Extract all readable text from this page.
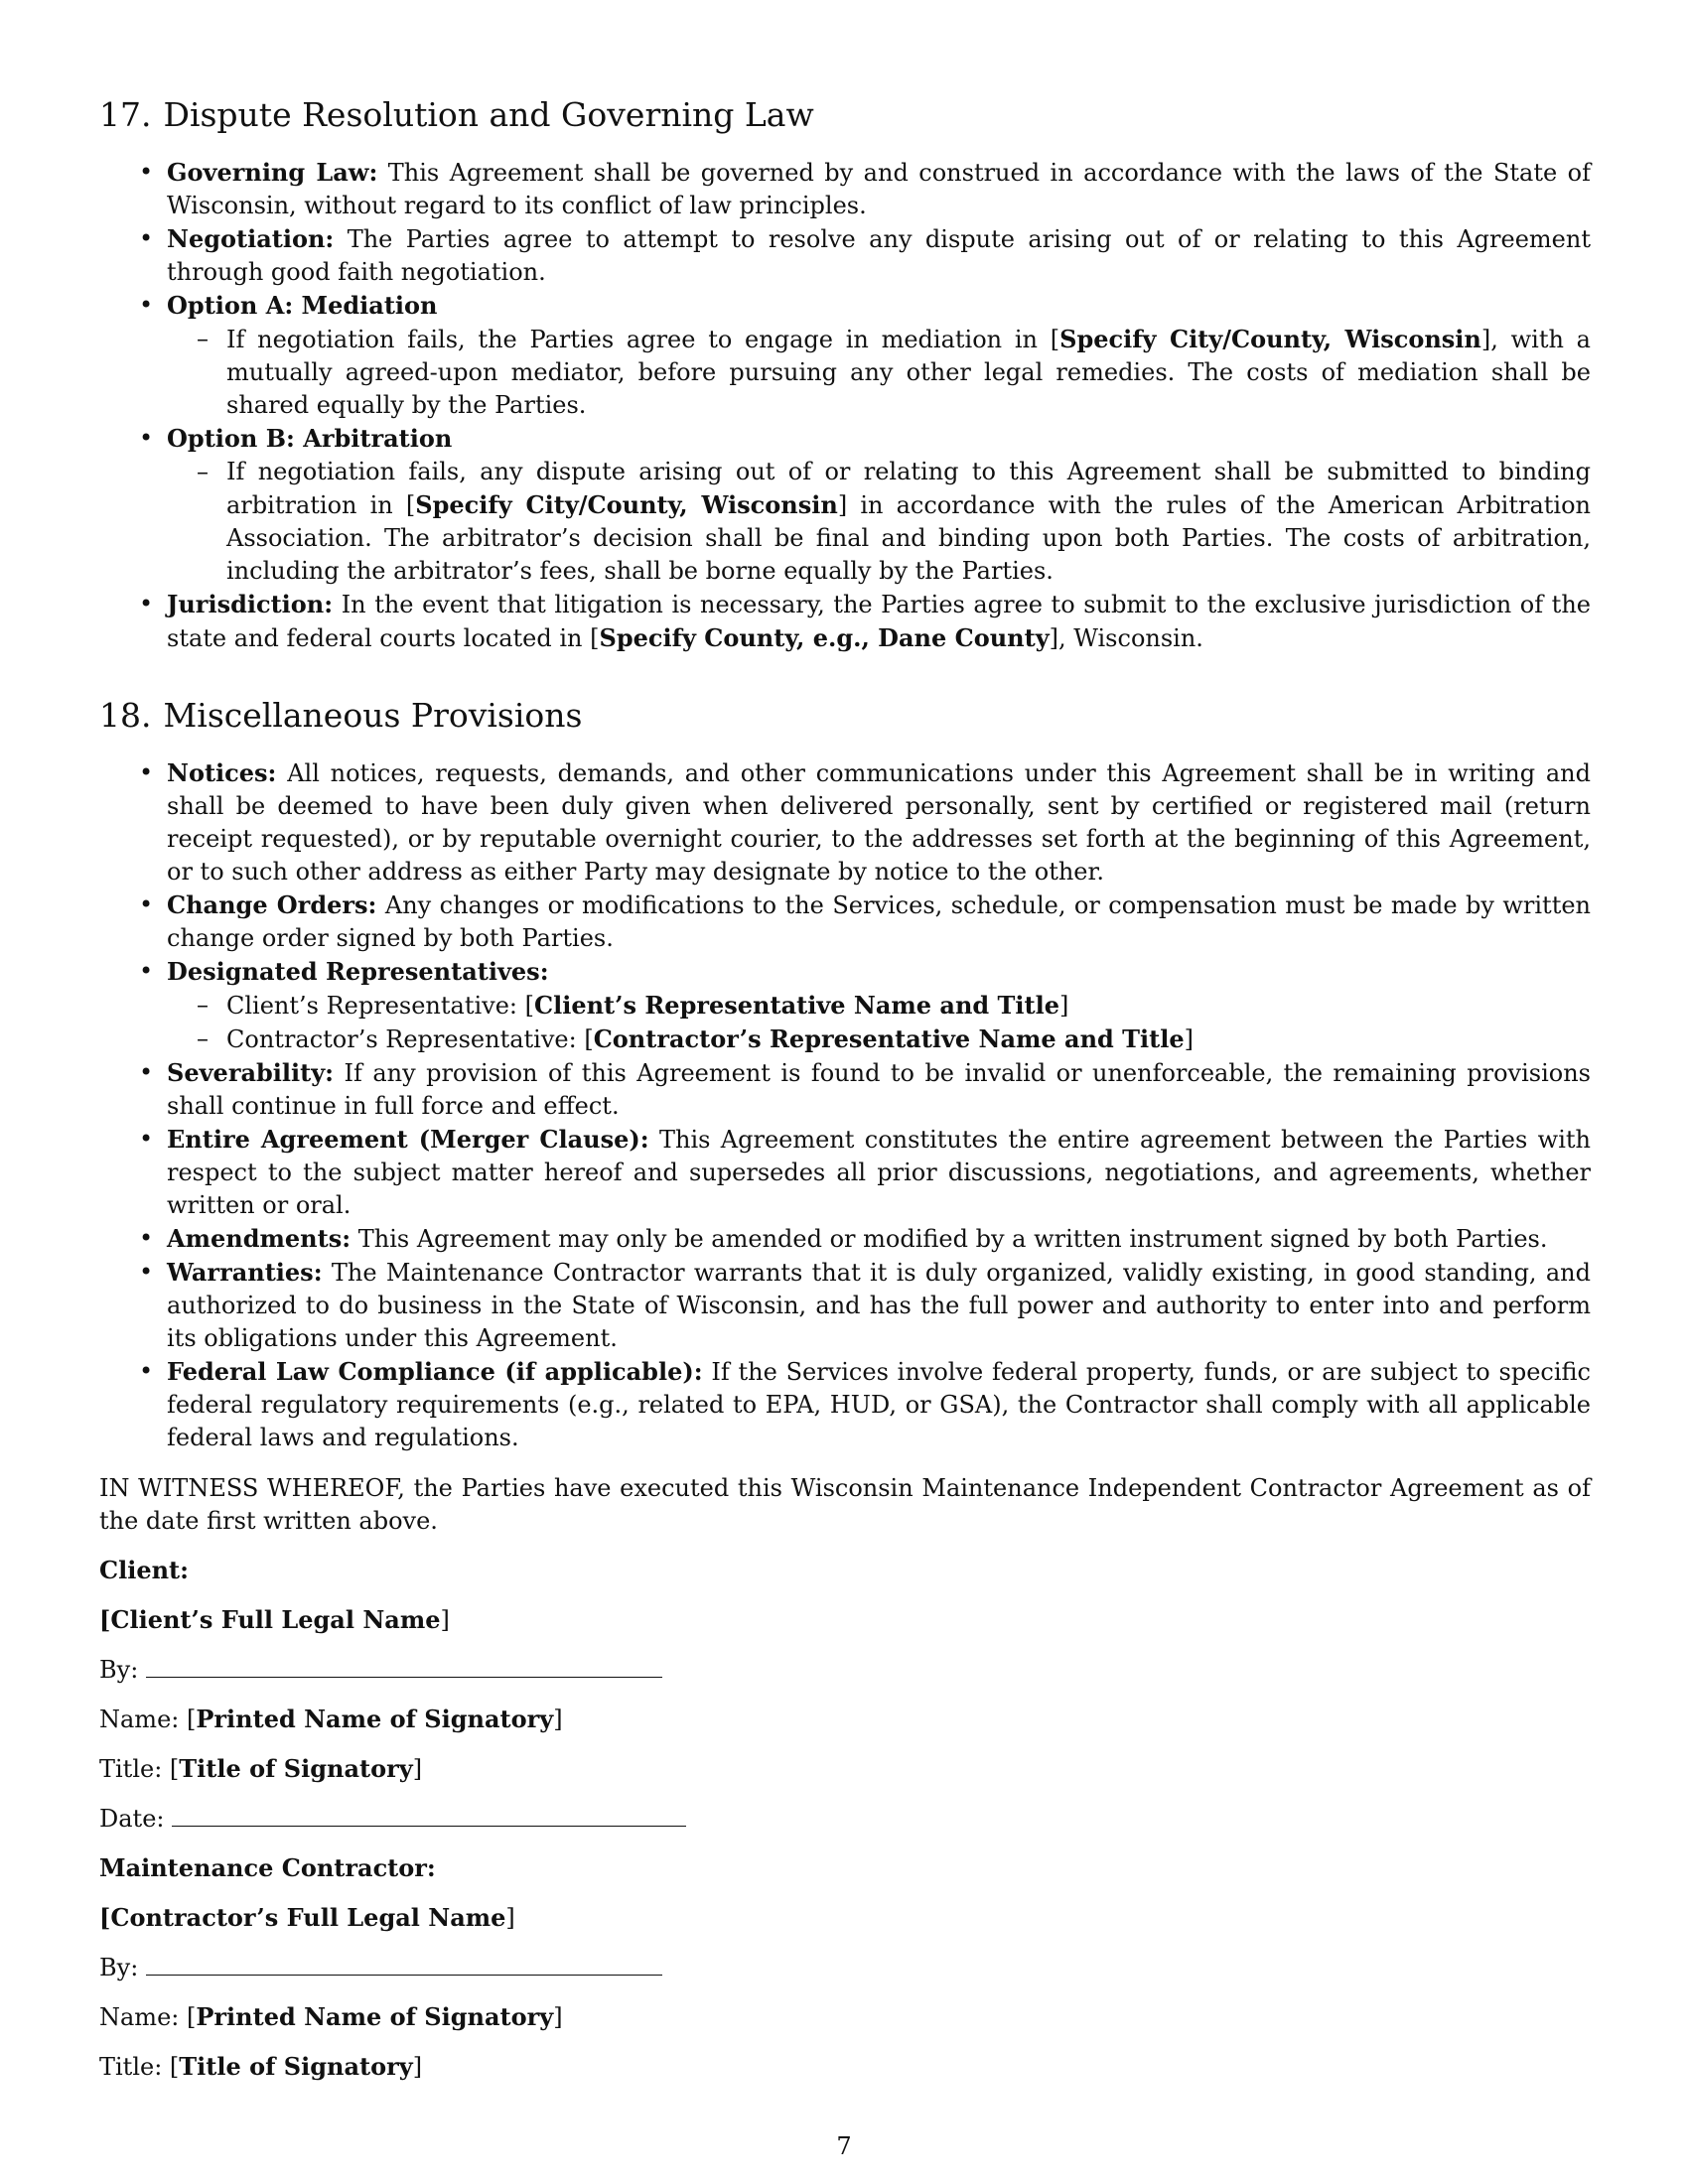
17. Dispute Resolution and Governing Law
• Governing Law: This Agreement shall be governed by and construed in accordance with the laws of the State of Wisconsin, without regard to its conflict of law principles.
• Negotiation: The Parties agree to attempt to resolve any dispute arising out of or relating to this Agreement through good faith negotiation.
• Option A: Mediation
– If negotiation fails, the Parties agree to engage in mediation in [Specify City/County, Wisconsin], with a mutually agreed-upon mediator, before pursuing any other legal remedies. The costs of mediation shall be shared equally by the Parties.
• Option B: Arbitration
– If negotiation fails, any dispute arising out of or relating to this Agreement shall be submitted to binding arbitration in [Specify City/County, Wisconsin] in accordance with the rules of the American Arbitration Association. The arbitrator’s decision shall be final and binding upon both Parties. The costs of arbitration, including the arbitrator’s fees, shall be borne equally by the Parties.
• Jurisdiction: In the event that litigation is necessary, the Parties agree to submit to the exclusive jurisdiction of the state and federal courts located in [Specify County, e.g., Dane County], Wisconsin.
18. Miscellaneous Provisions
• Notices: All notices, requests, demands, and other communications under this Agreement shall be in writing and shall be deemed to have been duly given when delivered personally, sent by certified or registered mail (return receipt requested), or by reputable overnight courier, to the addresses set forth at the beginning of this Agreement, or to such other address as either Party may designate by notice to the other.
• Change Orders: Any changes or modifications to the Services, schedule, or compensation must be made by written change order signed by both Parties.
• Designated Representatives:
– Client’s Representative: [Client’s Representative Name and Title]
– Contractor’s Representative: [Contractor’s Representative Name and Title]
• Severability: If any provision of this Agreement is found to be invalid or unenforceable, the remaining provisions shall continue in full force and effect.
• Entire Agreement (Merger Clause): This Agreement constitutes the entire agreement between the Parties with respect to the subject matter hereof and supersedes all prior discussions, negotiations, and agreements, whether written or oral.
• Amendments: This Agreement may only be amended or modified by a written instrument signed by both Parties.
• Warranties: The Maintenance Contractor warrants that it is duly organized, validly existing, in good standing, and authorized to do business in the State of Wisconsin, and has the full power and authority to enter into and perform its obligations under this Agreement.
• Federal Law Compliance (if applicable): If the Services involve federal property, funds, or are subject to specific federal regulatory requirements (e.g., related to EPA, HUD, or GSA), the Contractor shall comply with all applicable federal laws and regulations.

IN WITNESS WHEREOF, the Parties have executed this Wisconsin Maintenance Independent Contractor Agreement as of the date first written above.

Client:
[Client’s Full Legal Name]
By:
Name: [Printed Name of Signatory]
Title: [Title of Signatory]
Date:
Maintenance Contractor:
[Contractor’s Full Legal Name]
By:
Name: [Printed Name of Signatory]
Title: [Title of Signatory]
7
